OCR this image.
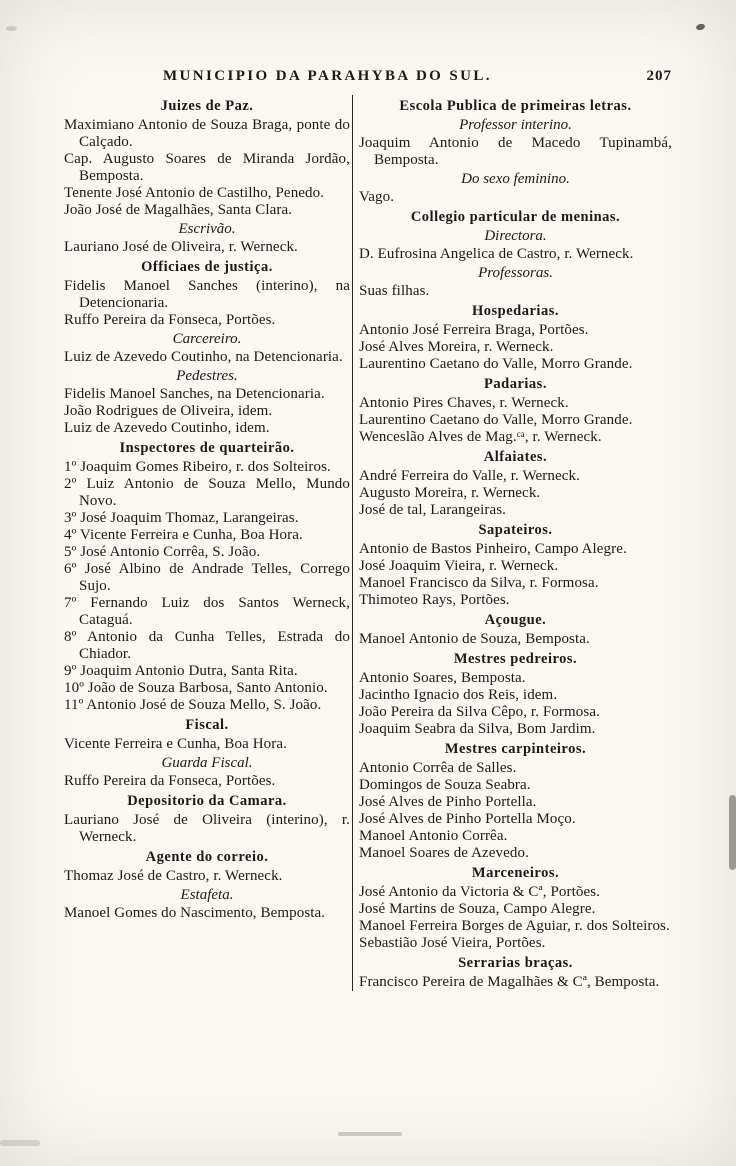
MUNICIPIO DA PARAHYBA DO SUL.	207
Juizes de Paz.
Maximiano Antonio de Souza Braga, ponte do Calçado.
Cap. Augusto Soares de Miranda Jordão, Bemposta.
Tenente José Antonio de Castilho, Penedo.
João José de Magalhães, Santa Clara.
Escrivão.
Lauriano José de Oliveira, r. Werneck.
Officiaes de justiça.
Fidelis Manoel Sanches (interino), na Detencionaria.
Ruffo Pereira da Fonseca, Portões.
Carcereiro.
Luiz de Azevedo Coutinho, na Detencionaria.
Pedestres.
Fidelis Manoel Sanches, na Detencionaria.
João Rodrigues de Oliveira, idem.
Luiz de Azevedo Coutinho, idem.
Inspectores de quarteirão.
1º Joaquim Gomes Ribeiro, r. dos Solteiros.
2º Luiz Antonio de Souza Mello, Mundo Novo.
3º José Joaquim Thomaz, Larangeiras.
4º Vicente Ferreira e Cunha, Boa Hora.
5º José Antonio Corrêa, S. João.
6º José Albino de Andrade Telles, Corrego Sujo.
7º Fernando Luiz dos Santos Werneck, Cataguá.
8º Antonio da Cunha Telles, Estrada do Chiador.
9º Joaquim Antonio Dutra, Santa Rita.
10º João de Souza Barbosa, Santo Antonio.
11º Antonio José de Souza Mello, S. João.
Fiscal.
Vicente Ferreira e Cunha, Boa Hora.
Guarda Fiscal.
Ruffo Pereira da Fonseca, Portões.
Depositorio da Camara.
Lauriano José de Oliveira (interino), r. Werneck.
Agente do correio.
Thomaz José de Castro, r. Werneck.
Estafeta.
Manoel Gomes do Nascimento, Bemposta.
Escola Publica de primeiras letras.
Professor interino.
Joaquim Antonio de Macedo Tupinambá, Bemposta.
Do sexo feminino.
Vago.
Collegio particular de meninas.
Directora.
D. Eufrosina Angelica de Castro, r. Werneck.
Professoras.
Suas filhas.
Hospedarias.
Antonio José Ferreira Braga, Portões.
José Alves Moreira, r. Werneck.
Laurentino Caetano do Valle, Morro Grande.
Padarias.
Antonio Pires Chaves, r. Werneck.
Laurentino Caetano do Valle, Morro Grande.
Wenceslão Alves de Mag.ᶜᵃ, r. Werneck.
Alfaiates.
André Ferreira do Valle, r. Werneck.
Augusto Moreira, r. Werneck.
José de tal, Larangeiras.
Sapateiros.
Antonio de Bastos Pinheiro, Campo Alegre.
José Joaquim Vieira, r. Werneck.
Manoel Francisco da Silva, r. Formosa.
Thimoteo Rays, Portões.
Açougue.
Manoel Antonio de Souza, Bemposta.
Mestres pedreiros.
Antonio Soares, Bemposta.
Jacintho Ignacio dos Reis, idem.
João Pereira da Silva Cêpo, r. Formosa.
Joaquim Seabra da Silva, Bom Jardim.
Mestres carpinteiros.
Antonio Corrêa de Salles.
Domingos de Souza Seabra.
José Alves de Pinho Portella.
José Alves de Pinho Portella Moço.
Manoel Antonio Corrêa.
Manoel Soares de Azevedo.
Marceneiros.
José Antonio da Victoria & Cª, Portões.
José Martins de Souza, Campo Alegre.
Manoel Ferreira Borges de Aguiar, r. dos Solteiros.
Sebastião José Vieira, Portões.
Serrarias braças.
Francisco Pereira de Magalhães & Cª, Bemposta.
